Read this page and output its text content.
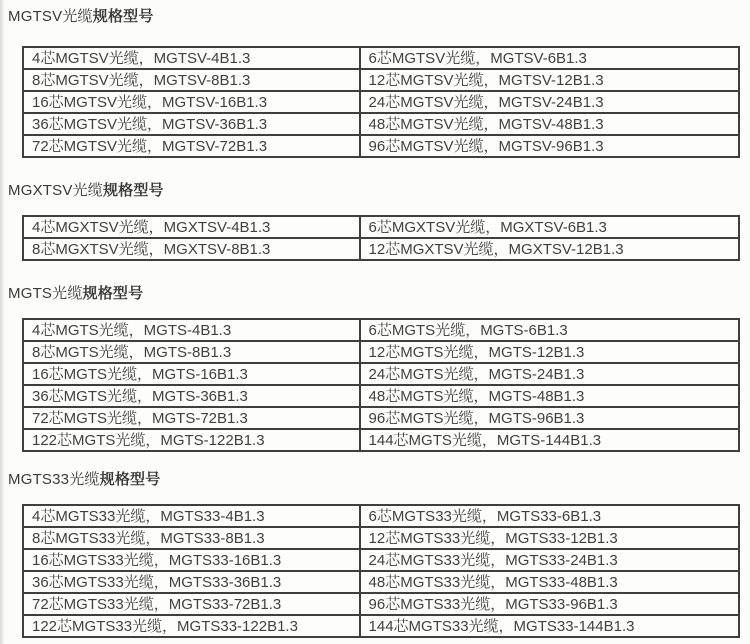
MGTSV光缆规格型号
4芯MGTSV光缆，MGTSV-4B1.3	6芯MGTSV光缆，MGTSV-6B1.3
8芯MGTSV光缆，MGTSV-8B1.3	12芯MGTSV光缆，MGTSV-12B1.3
16芯MGTSV光缆，MGTSV-16B1.3	24芯MGTSV光缆，MGTSV-24B1.3
36芯MGTSV光缆，MGTSV-36B1.3	48芯MGTSV光缆，MGTSV-48B1.3
72芯MGTSV光缆，MGTSV-72B1.3	96芯MGTSV光缆，MGTSV-96B1.3
MGXTSV光缆规格型号
4芯MGXTSV光缆，MGXTSV-4B1.3	6芯MGXTSV光缆，MGXTSV-6B1.3
8芯MGXTSV光缆，MGXTSV-8B1.3	12芯MGXTSV光缆，MGXTSV-12B1.3
MGTS光缆规格型号
4芯MGTS光缆，MGTS-4B1.3	6芯MGTS光缆，MGTS-6B1.3
8芯MGTS光缆，MGTS-8B1.3	12芯MGTS光缆，MGTS-12B1.3
16芯MGTS光缆，MGTS-16B1.3	24芯MGTS光缆，MGTS-24B1.3
36芯MGTS光缆，MGTS-36B1.3	48芯MGTS光缆，MGTS-48B1.3
72芯MGTS光缆，MGTS-72B1.3	96芯MGTS光缆，MGTS-96B1.3
122芯MGTS光缆，MGTS-122B1.3	144芯MGTS光缆，MGTS-144B1.3
MGTS33光缆规格型号
4芯MGTS33光缆，MGTS33-4B1.3	6芯MGTS33光缆，MGTS33-6B1.3
8芯MGTS33光缆，MGTS33-8B1.3	12芯MGTS33光缆，MGTS33-12B1.3
16芯MGTS33光缆，MGTS33-16B1.3	24芯MGTS33光缆，MGTS33-24B1.3
36芯MGTS33光缆，MGTS33-36B1.3	48芯MGTS33光缆，MGTS33-48B1.3
72芯MGTS33光缆，MGTS33-72B1.3	96芯MGTS33光缆，MGTS33-96B1.3
122芯MGTS33光缆，MGTS33-122B1.3	144芯MGTS33光缆，MGTS33-144B1.3
